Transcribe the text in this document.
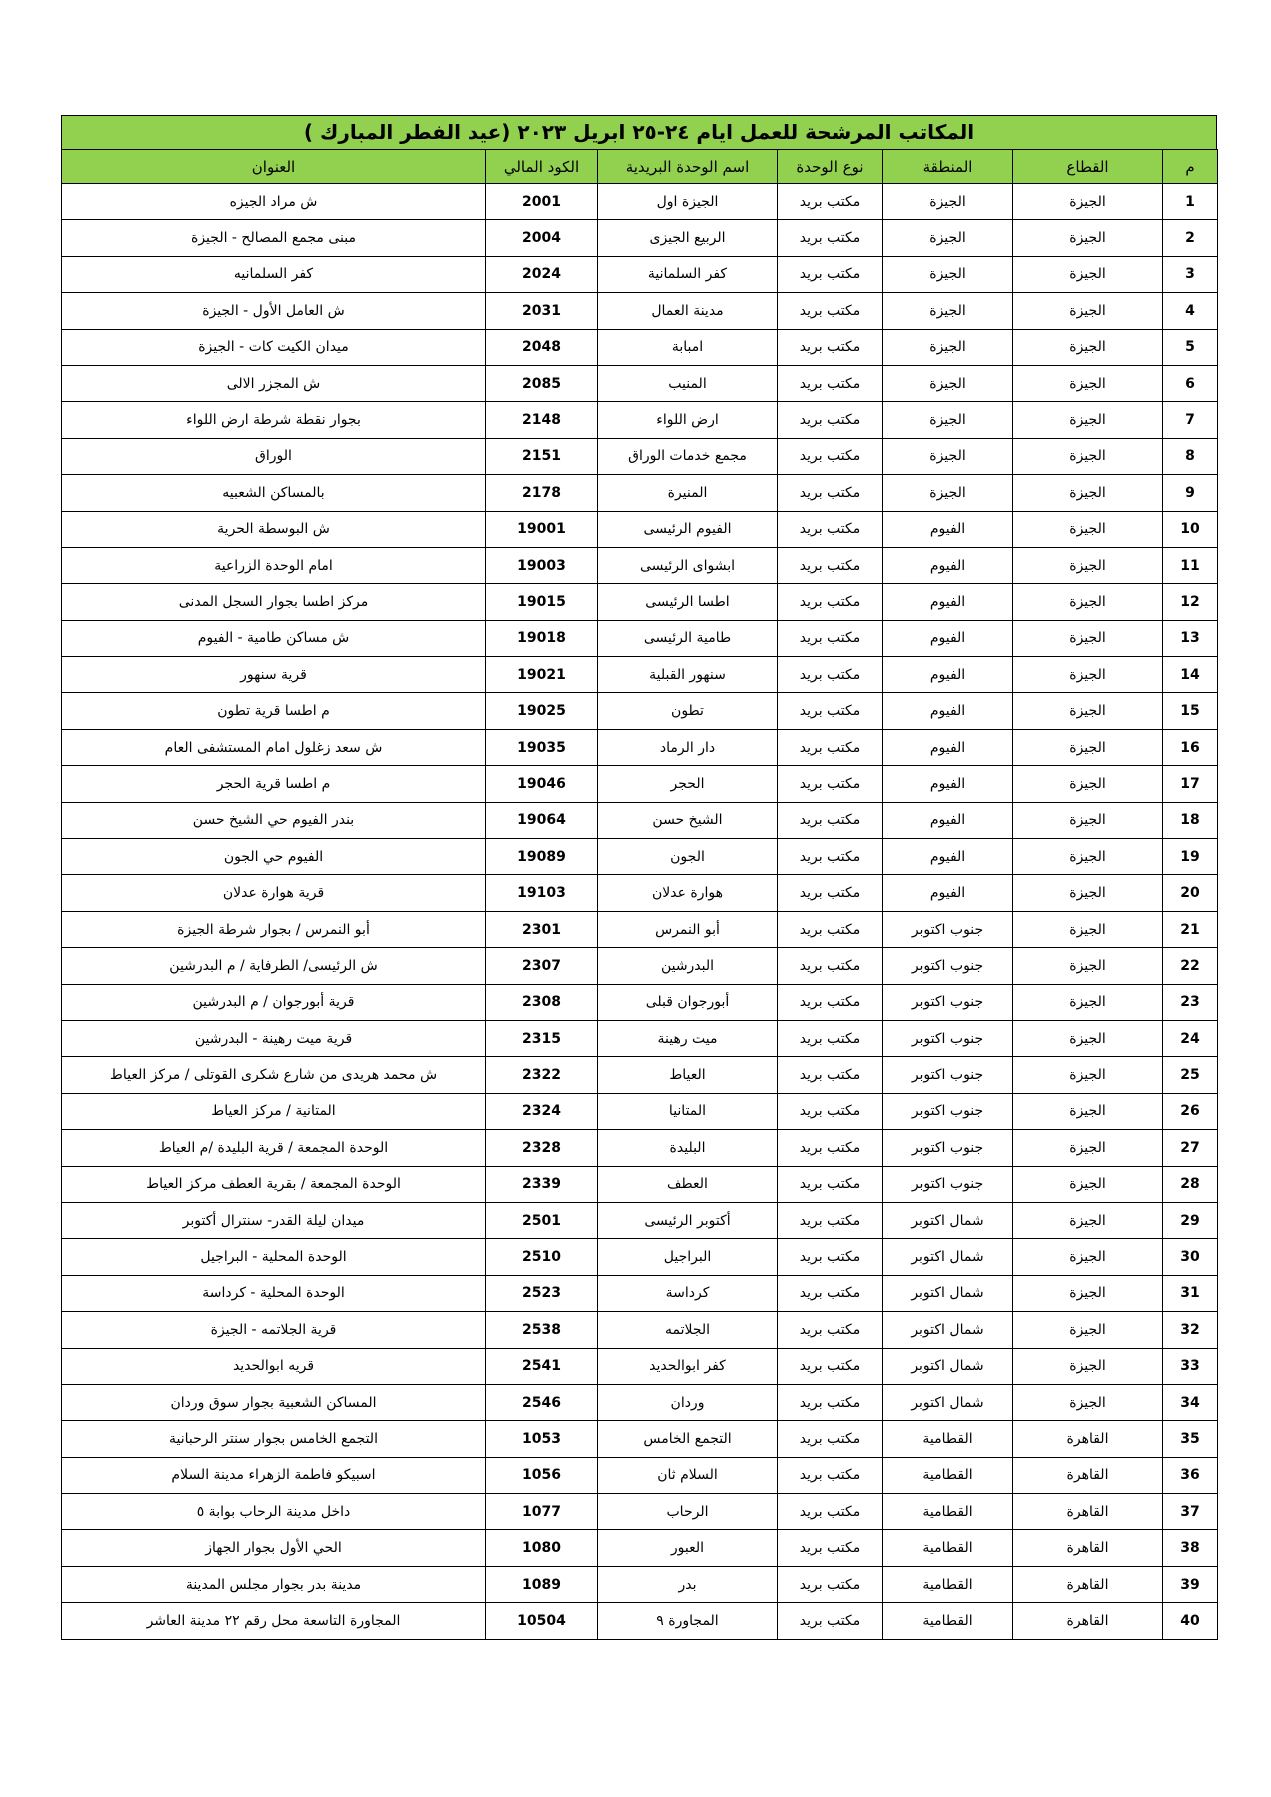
المكاتب المرشحة للعمل ايام ٢٤-٢٥ ابريل ٢٠٢٣ (عيد الفطر المبارك )
م	القطاع	المنطقة	نوع الوحدة	اسم الوحدة البريدية	الكود المالي	العنوان
1	الجيزة	الجيزة	مكتب بريد	الجيزة اول	2001	ش مراد الجيزه
2	الجيزة	الجيزة	مكتب بريد	الربيع الجيزى	2004	مبنى مجمع المصالح - الجيزة
3	الجيزة	الجيزة	مكتب بريد	كفر السلمانية	2024	كفر السلمانيه
4	الجيزة	الجيزة	مكتب بريد	مدينة العمال	2031	ش العامل الأول - الجيزة
5	الجيزة	الجيزة	مكتب بريد	امبابة	2048	ميدان الكيت كات - الجيزة
6	الجيزة	الجيزة	مكتب بريد	المنيب	2085	ش المجزر الالى
7	الجيزة	الجيزة	مكتب بريد	ارض اللواء	2148	بجوار نقطة شرطة ارض اللواء
8	الجيزة	الجيزة	مكتب بريد	مجمع خدمات الوراق	2151	الوراق
9	الجيزة	الجيزة	مكتب بريد	المنيرة	2178	بالمساكن الشعبيه
10	الجيزة	الفيوم	مكتب بريد	الفيوم الرئيسى	19001	ش البوسطة الحرية
11	الجيزة	الفيوم	مكتب بريد	ابشواى الرئيسى	19003	امام الوحدة الزراعية
12	الجيزة	الفيوم	مكتب بريد	اطسا الرئيسى	19015	مركز اطسا بجوار السجل المدنى
13	الجيزة	الفيوم	مكتب بريد	طامية الرئيسى	19018	ش مساكن طامية - الفيوم
14	الجيزة	الفيوم	مكتب بريد	سنهور القبلية	19021	قرية سنهور
15	الجيزة	الفيوم	مكتب بريد	تطون	19025	م اطسا قرية تطون
16	الجيزة	الفيوم	مكتب بريد	دار الرماد	19035	ش سعد زغلول امام المستشفى العام
17	الجيزة	الفيوم	مكتب بريد	الحجر	19046	م اطسا قرية الحجر
18	الجيزة	الفيوم	مكتب بريد	الشيخ حسن	19064	بندر الفيوم حي الشيخ حسن
19	الجيزة	الفيوم	مكتب بريد	الجون	19089	الفيوم حي الجون
20	الجيزة	الفيوم	مكتب بريد	هوارة عدلان	19103	قرية هوارة عدلان
21	الجيزة	جنوب اكتوبر	مكتب بريد	أبو النمرس	2301	أبو النمرس / بجوار شرطة الجيزة
22	الجيزة	جنوب اكتوبر	مكتب بريد	البدرشين	2307	ش الرئيسى/ الطرفاية / م البدرشين
23	الجيزة	جنوب اكتوبر	مكتب بريد	أبورجوان قبلى	2308	قرية أبورجوان / م البدرشين
24	الجيزة	جنوب اكتوبر	مكتب بريد	ميت رهينة	2315	قرية ميت رهينة - البدرشين
25	الجيزة	جنوب اكتوبر	مكتب بريد	العياط	2322	ش محمد هريدى من شارع شكرى القوتلى / مركز العياط
26	الجيزة	جنوب اكتوبر	مكتب بريد	المتانيا	2324	المتانية / مركز العياط
27	الجيزة	جنوب اكتوبر	مكتب بريد	البليدة	2328	الوحدة المجمعة / قرية البليدة /م العياط
28	الجيزة	جنوب اكتوبر	مكتب بريد	العطف	2339	الوحدة المجمعة / بقرية العطف مركز العياط
29	الجيزة	شمال اكتوبر	مكتب بريد	أكتوبر الرئيسى	2501	ميدان ليلة القدر- سنترال أكتوبر
30	الجيزة	شمال اكتوبر	مكتب بريد	البراجيل	2510	الوحدة المحلية - البراجيل
31	الجيزة	شمال اكتوبر	مكتب بريد	كرداسة	2523	الوحدة المحلية - كرداسة
32	الجيزة	شمال اكتوبر	مكتب بريد	الجلاتمه	2538	قرية الجلاتمه - الجيزة
33	الجيزة	شمال اكتوبر	مكتب بريد	كفر ابوالحديد	2541	قريه ابوالحديد
34	الجيزة	شمال اكتوبر	مكتب بريد	وردان	2546	المساكن الشعبية بجوار سوق وردان
35	القاهرة	القطامية	مكتب بريد	التجمع الخامس	1053	التجمع الخامس بجوار سنتر الرحبانية
36	القاهرة	القطامية	مكتب بريد	السلام ثان	1056	اسبيكو فاطمة الزهراء مدينة السلام
37	القاهرة	القطامية	مكتب بريد	الرحاب	1077	داخل مدينة الرحاب بوابة ٥
38	القاهرة	القطامية	مكتب بريد	العبور	1080	الحي الأول بجوار الجهاز
39	القاهرة	القطامية	مكتب بريد	بدر	1089	مدينة بدر بجوار مجلس المدينة
40	القاهرة	القطامية	مكتب بريد	المجاورة ٩	10504	المجاورة التاسعة محل رقم ٢٢ مدينة العاشر
